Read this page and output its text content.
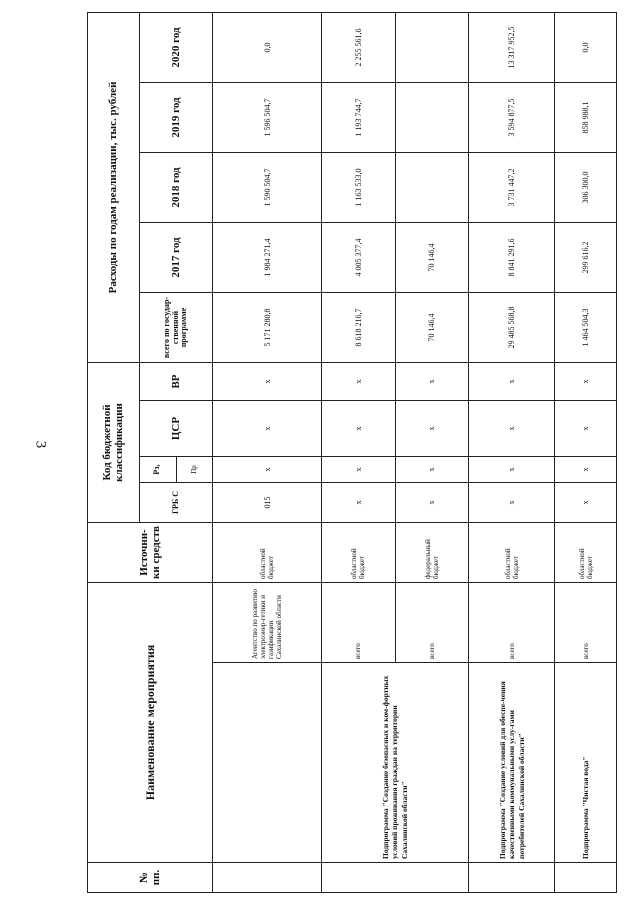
3
№ пп.	Наименование мероприятия		Источни-ки средств	Код бюджетной классификации				Расходы по годам реализации, тыс. рублей				
				ГРБ С	Рз,	ЦСР	ВР	всего по государ-ственной программе	2017 год	2018 год	2019 год	2020 год
					Пр							
		Агентство по развитию электроэнер-гетики и газификации Сахалинской области	областной бюджет	015	x	x	x	5 171 280,8	1 984 271,4	1 590 504,7	1 596 504,7	0,0
	Подпрограмма "Создание безопасных и ком-фортных условий проживания граждан на территории Сахалинской области"	всего	областной бюджет	x	x	x	x	8 618 216,7	4 005 377,4	1 163 533,0	1 193 744,7	2 255 561,6
		всего	федеральный бюджет	x	x	x	x	70 146,4	70 146,4			
	Подпрограмма "Создание условий для обеспе-чения качественными коммунальными услу-гами потребителей Сахалинской области"	всего	областной бюджет	x	x	x	x	29 485 568,8	8 841 291,6	3 731 447,2	3 594 877,5	13 317 952,5
	Подпрограмма "Чистая вода"	всего	областной бюджет	x	x	x	x	1 464 504,3	299 616,2	306 300,0	858 988,1	0,0
